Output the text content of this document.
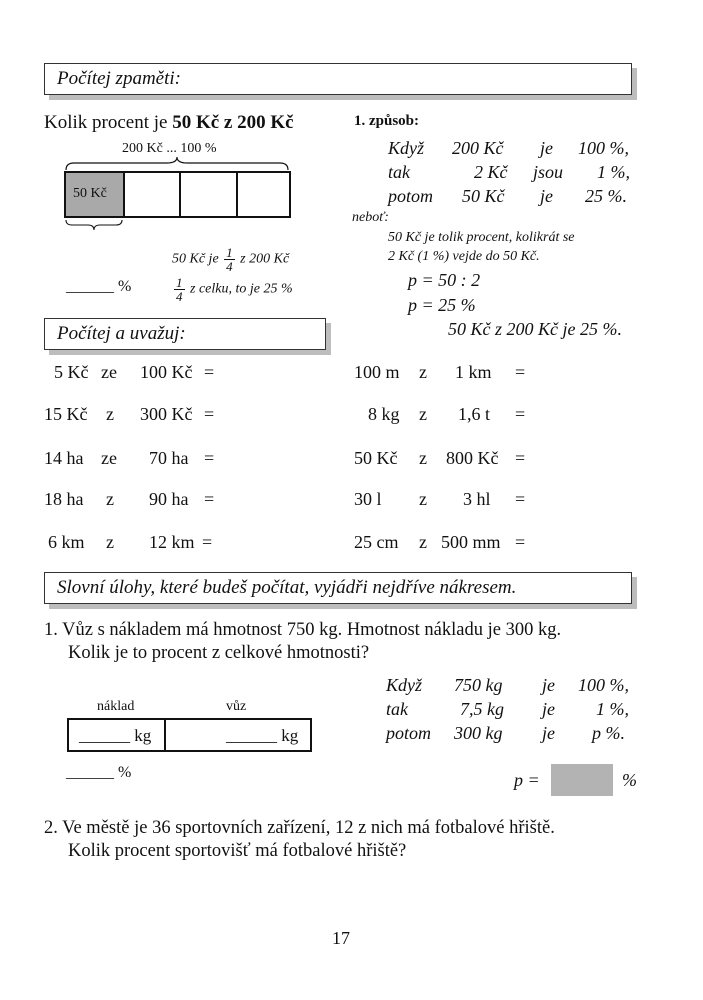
Počítej zpaměti:
Kolik procent je 50 Kč z 200 Kč
200 Kč ... 100 %
50 Kč
50 Kč je $\frac{1}{4}$ z 200 Kč
______ %	$\frac{1}{4}$ z celku, to je 25 %
1. způsob:
Když 200 Kč je 100 %,
tak	2 Kč jsou 1 %,
potom 50 Kč je 25 %.
neboť:
50 Kč je tolik procent, kolikrát se
2 Kč (1 %) vejde do 50 Kč.
p = 50 : 2
p = 25 %
50 Kč z 200 Kč je 25 %.
Počítej a uvažuj:
5 Kč ze 100 Kč =
15 Kč z 300 Kč =
14 ha ze 70 ha =
18 ha z 90 ha =
6 km z 12 km =
100 m z 1 km =
8 kg z 1,6 t =
50 Kč z 800 Kč =
30 l z 3 hl =
25 cm z 500 mm =
Slovní úlohy, které budeš počítat, vyjádři nejdříve nákresem.
1. Vůz s nákladem má hmotnost 750 kg. Hmotnost nákladu je 300 kg.
Kolik je to procent z celkové hmotnosti?
náklad	vůz
______ kg	______ kg
______ %
Když 750 kg je 100 %,
tak	7,5 kg je 1 %,
potom 300 kg je p %.
p =	%
2. Ve městě je 36 sportovních zařízení, 12 z nich má fotbalové hřiště.
Kolik procent sportovišť má fotbalové hřiště?
17
